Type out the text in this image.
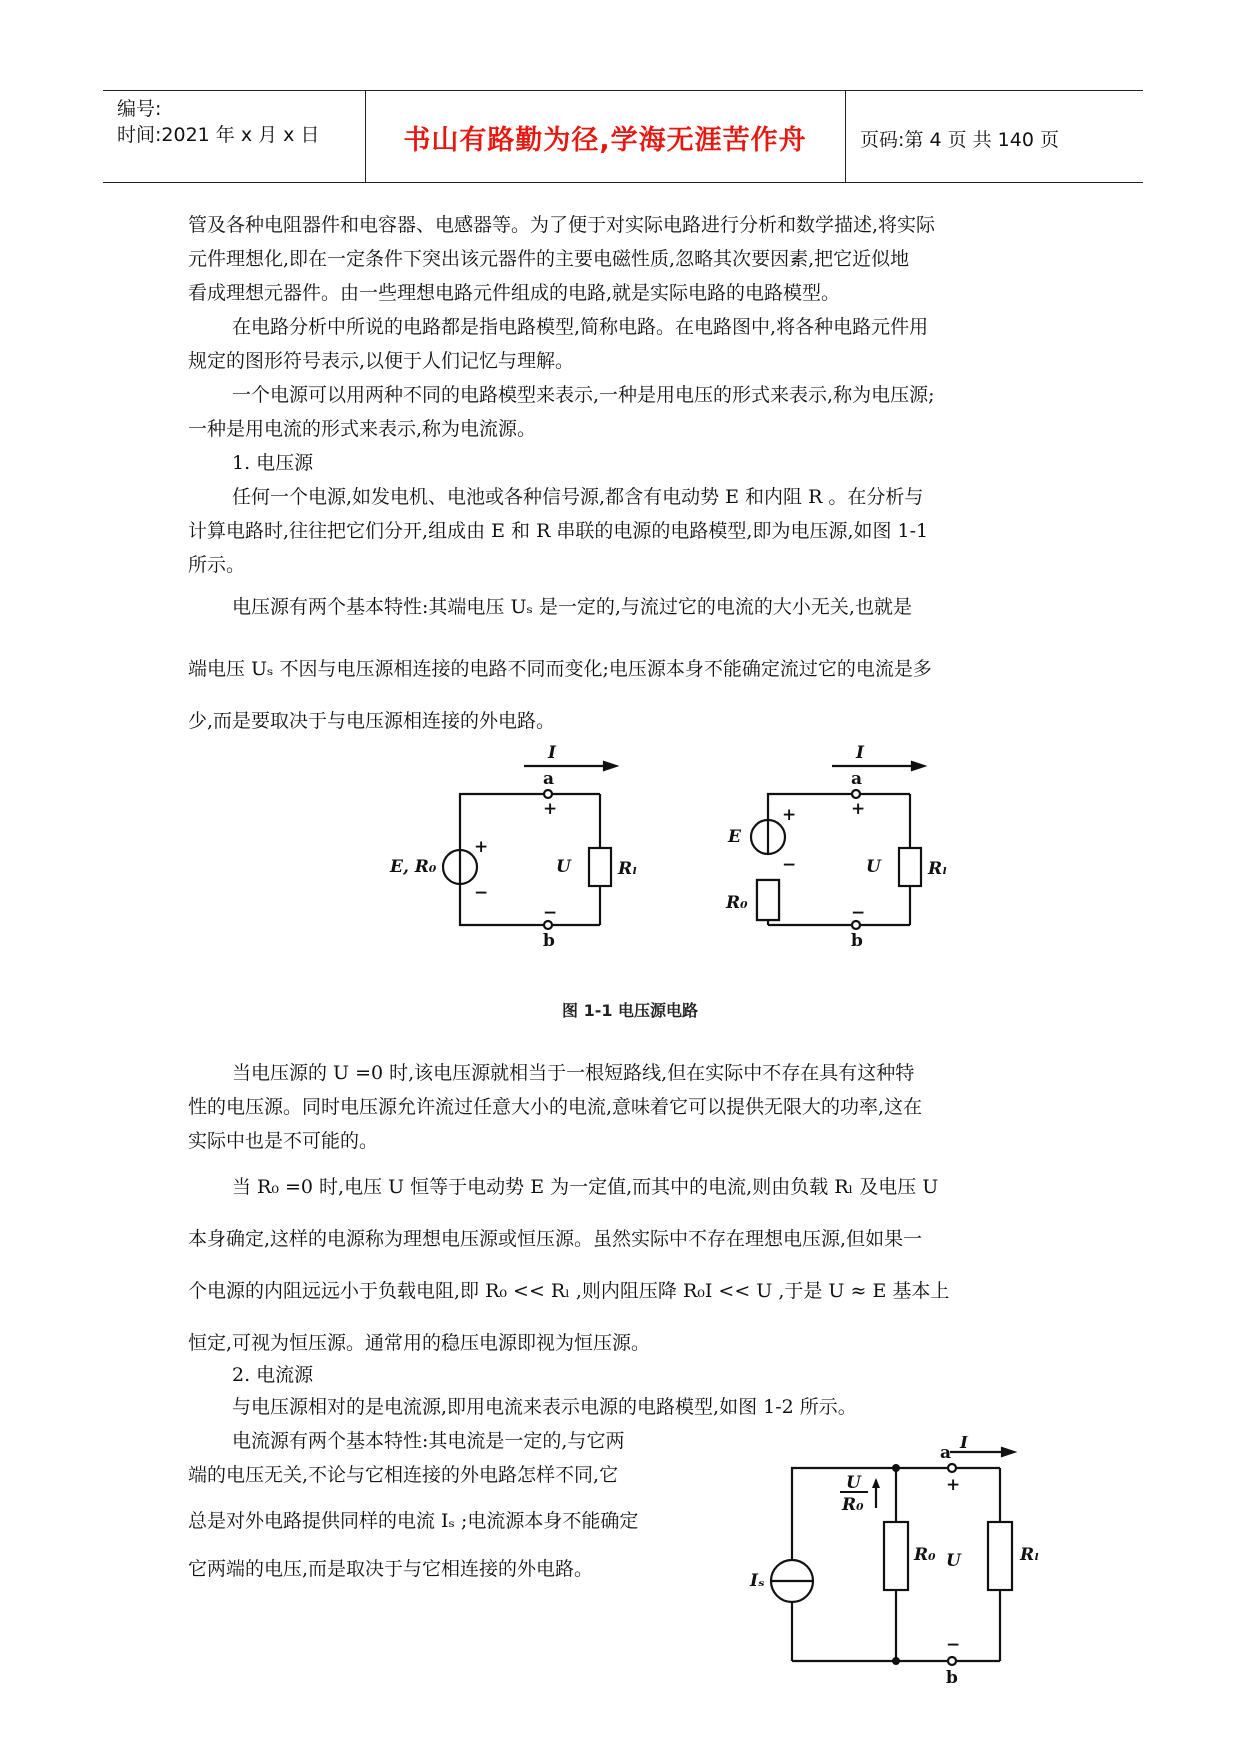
编号:
时间:2021 年 x 月 x 日	书山有路勤为径,学海无涯苦作舟	页码:第 4 页 共 140 页
管及各种电阻器件和电容器、电感器等。为了便于对实际电路进行分析和数学描述,将实际
元件理想化,即在一定条件下突出该元器件的主要电磁性质,忽略其次要因素,把它近似地
看成理想元器件。由一些理想电路元件组成的电路,就是实际电路的电路模型。
在电路分析中所说的电路都是指电路模型,简称电路。在电路图中,将各种电路元件用
规定的图形符号表示,以便于人们记忆与理解。
一个电源可以用两种不同的电路模型来表示,一种是用电压的形式来表示,称为电压源;
一种是用电流的形式来表示,称为电流源。
1. 电压源
任何一个电源,如发电机、电池或各种信号源,都含有电动势 E 和内阻 R 。在分析与
计算电路时,往往把它们分开,组成由 E 和 R 串联的电源的电路模型,即为电压源,如图 1-1
所示。
电压源有两个基本特性:其端电压 Uₛ 是一定的,与流过它的电流的大小无关,也就是
端电压 Uₛ 不因与电压源相连接的电路不同而变化;电压源本身不能确定流过它的电流是多
少,而是要取决于与电压源相连接的外电路。
I
a
+
E, R₀
+
−
U	Rₗ
−
b
I
a
+
E
+
−
R₀
U	Rₗ
−
b
图 1-1 电压源电路
当电压源的 U =0 时,该电压源就相当于一根短路线,但在实际中不存在具有这种特
性的电压源。同时电压源允许流过任意大小的电流,意味着它可以提供无限大的功率,这在
实际中也是不可能的。
当 R₀ =0 时,电压 U 恒等于电动势 E 为一定值,而其中的电流,则由负载 Rₗ 及电压 U
本身确定,这样的电源称为理想电压源或恒压源。虽然实际中不存在理想电压源,但如果一
个电源的内阻远远小于负载电阻,即 R₀ << Rₗ ,则内阻压降 R₀I << U ,于是 U ≈ E 基本上
恒定,可视为恒压源。通常用的稳压电源即视为恒压源。
2. 电流源
与电压源相对的是电流源,即用电流来表示电源的电路模型,如图 1-2 所示。
电流源有两个基本特性:其电流是一定的,与它两
端的电压无关,不论与它相连接的外电路怎样不同,它
总是对外电路提供同样的电流 Iₛ ;电流源本身不能确定
它两端的电压,而是取决于与它相连接的外电路。
I
a
+
U
R₀
Iₛ
R₀ U	Rₗ
−
b
